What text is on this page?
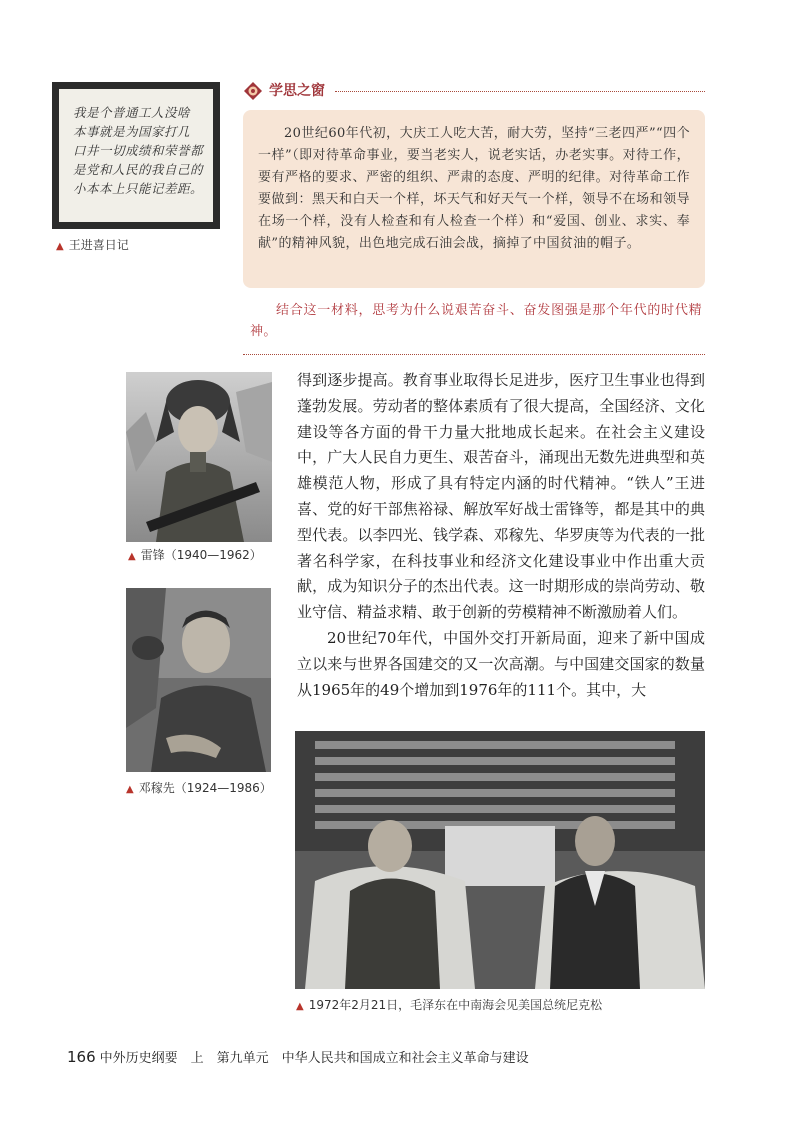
我是个普通工人没啥
本事就是为国家打几
口井一切成绩和荣誉都
是党和人民的我自己的
小本本上只能记差距。
▲ 王进喜日记
学思之窗

20世纪60年代初，大庆工人吃大苦，耐大劳，坚持“三老四严”“四个一样”（即对待革命事业，要当老实人，说老实话，办老实事。对待工作，要有严格的要求、严密的组织、严肃的态度、严明的纪律。对待革命工作要做到：黑天和白天一个样，坏天气和好天气一个样，领导不在场和领导在场一个样，没有人检查和有人检查一个样）和“爱国、创业、求实、奉献”的精神风貌，出色地完成石油会战，摘掉了中国贫油的帽子。

结合这一材料，思考为什么说艰苦奋斗、奋发图强是那个年代的时代精神。

▲ 雷锋（1940—1962）
▲ 邓稼先（1924—1986）

得到逐步提高。教育事业取得长足进步，医疗卫生事业也得到蓬勃发展。劳动者的整体素质有了很大提高，全国经济、文化建设等各方面的骨干力量大批地成长起来。在社会主义建设中，广大人民自力更生、艰苦奋斗，涌现出无数先进典型和英雄模范人物，形成了具有特定内涵的时代精神。“铁人”王进喜、党的好干部焦裕禄、解放军好战士雷锋等，都是其中的典型代表。以李四光、钱学森、邓稼先、华罗庚等为代表的一批著名科学家，在科技事业和经济文化建设事业中作出重大贡献，成为知识分子的杰出代表。这一时期形成的崇尚劳动、敬业守信、精益求精、敢于创新的劳模精神不断激励着人们。

20世纪70年代，中国外交打开新局面，迎来了新中国成立以来与世界各国建交的又一次高潮。与中国建交国家的数量从1965年的49个增加到1976年的111个。其中，大

▲ 1972年2月21日，毛泽东在中南海会见美国总统尼克松
166 中外历史纲要　上　第九单元　中华人民共和国成立和社会主义革命与建设
